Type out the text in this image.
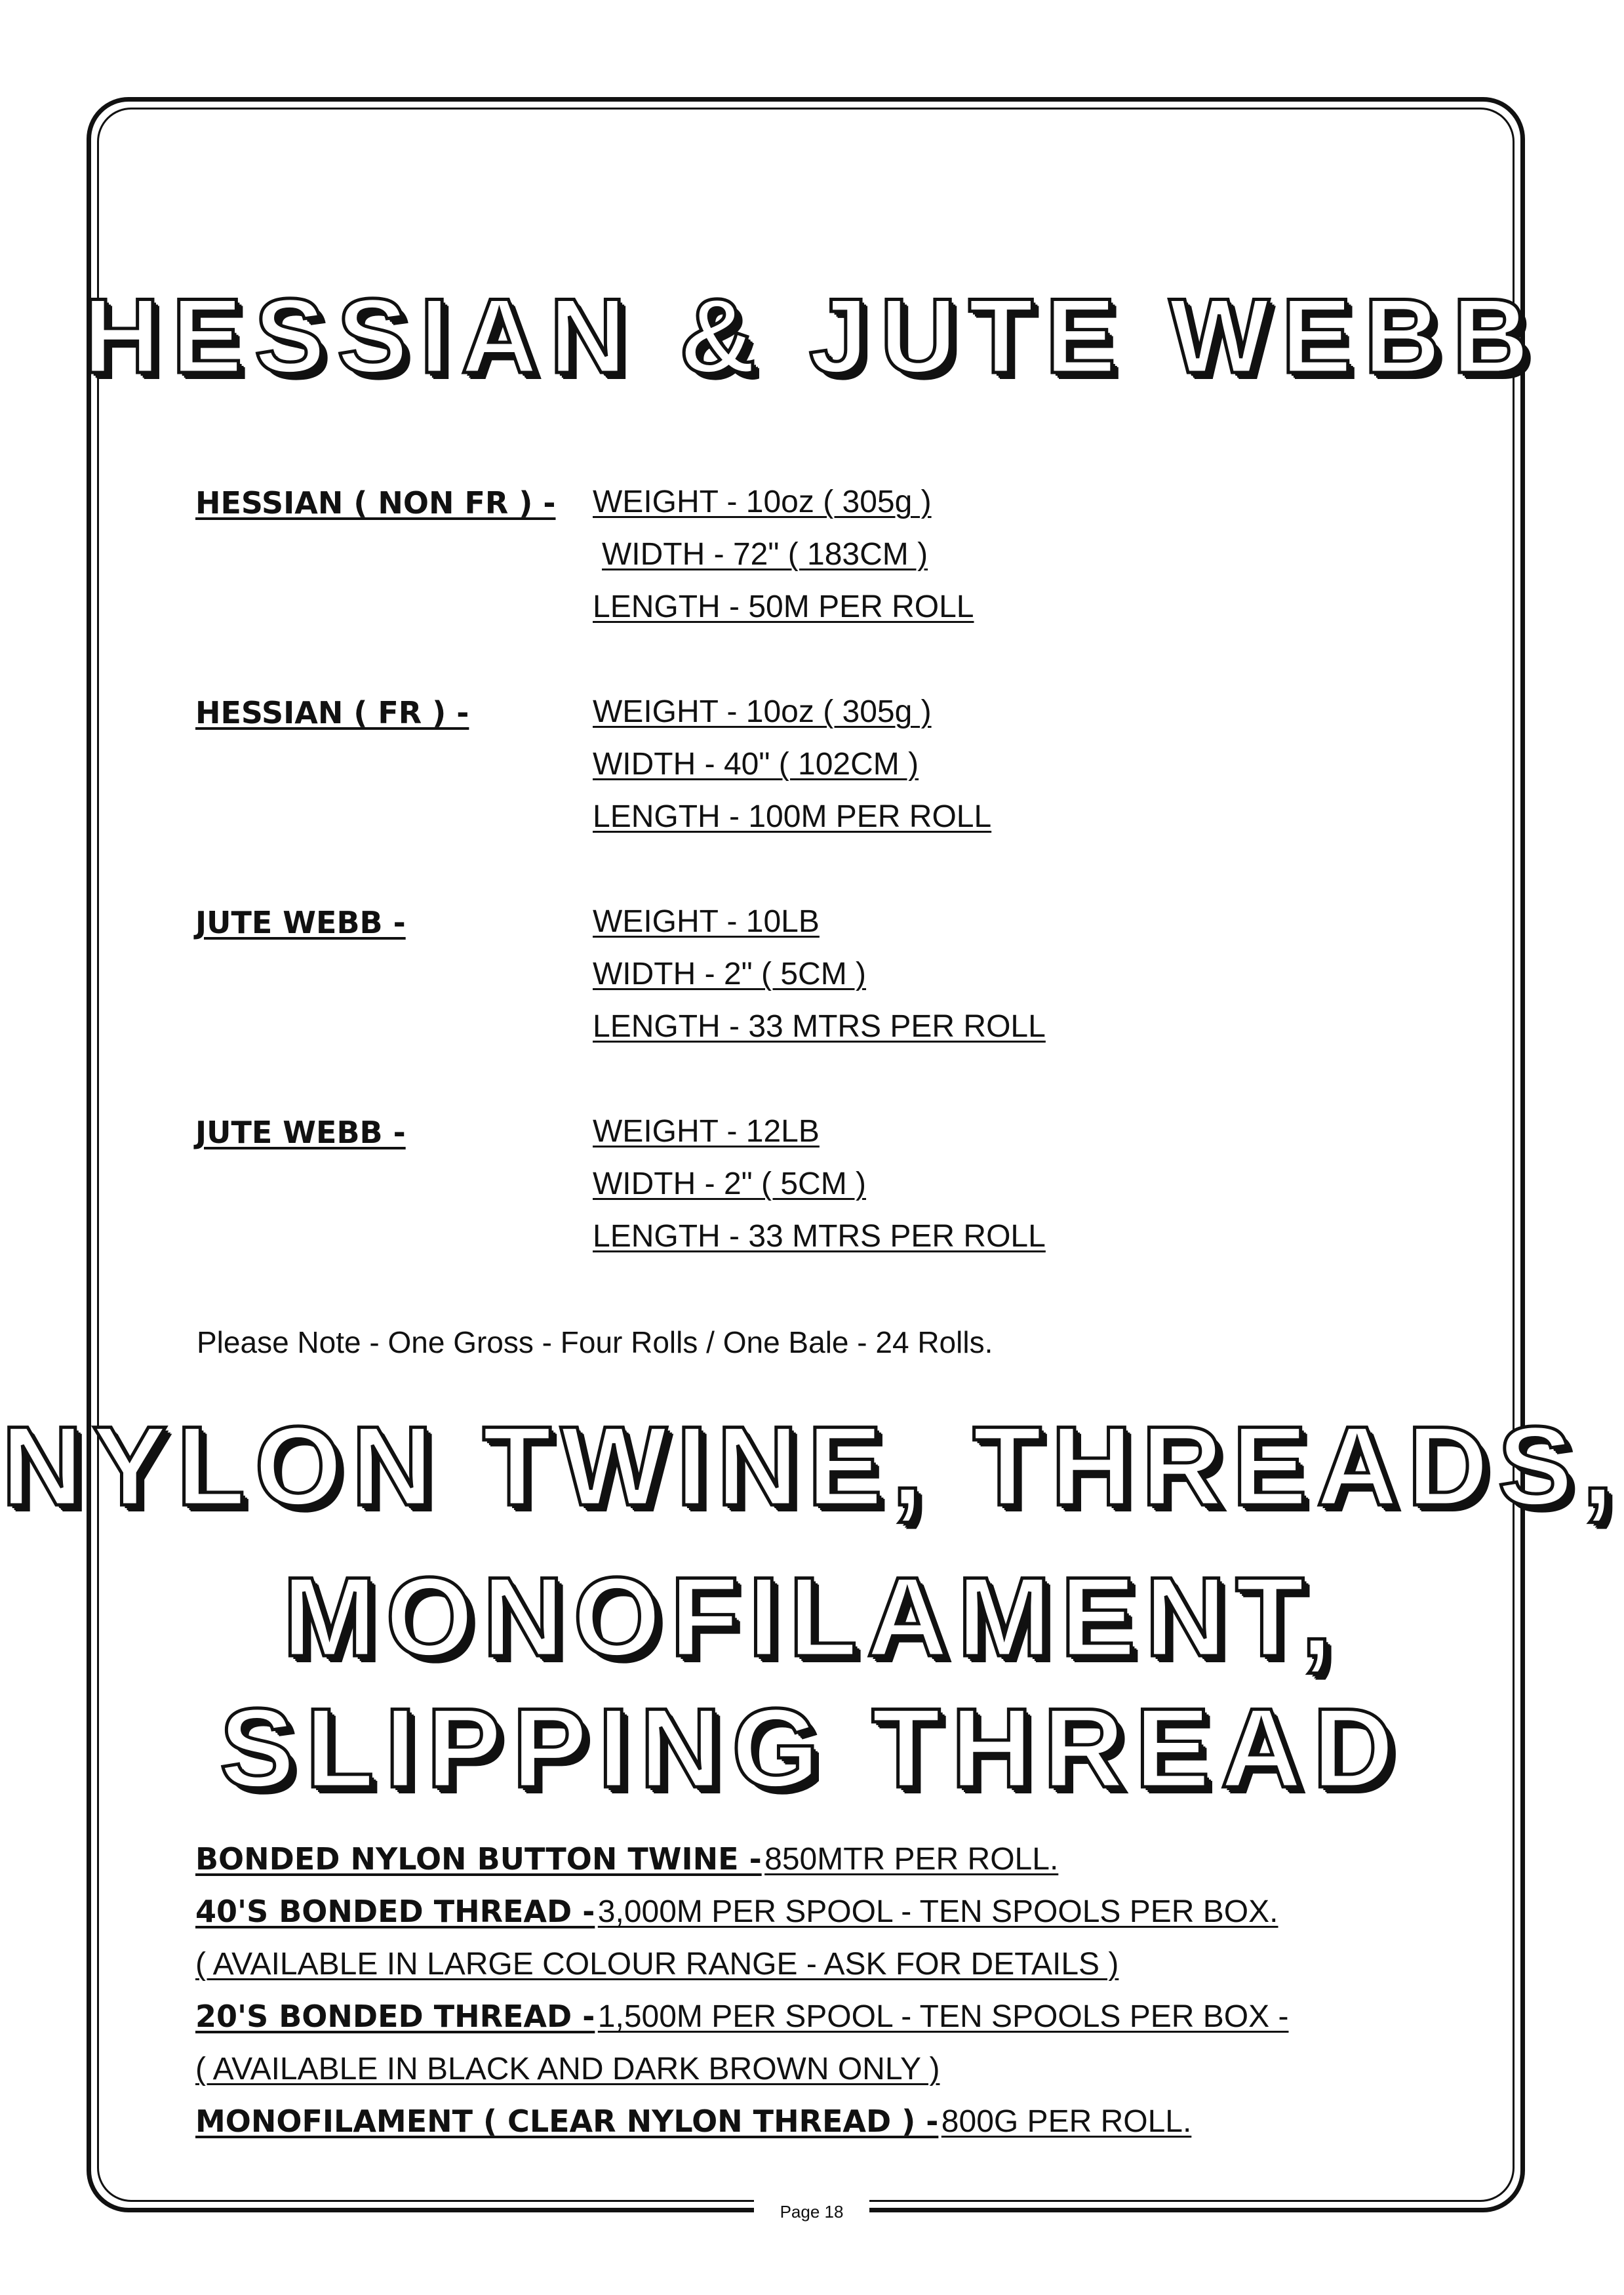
HESSIAN & JUTE WEBB
HESSIAN ( NON FR ) - WEIGHT - 10oz ( 305g )
WIDTH - 72" ( 183CM )
LENGTH - 50M PER ROLL
HESSIAN ( FR ) -	WEIGHT - 10oz ( 305g )
WIDTH - 40" ( 102CM )
LENGTH - 100M PER ROLL
JUTE WEBB -	WEIGHT - 10LB
WIDTH - 2" ( 5CM )
LENGTH - 33 MTRS PER ROLL
JUTE WEBB -	WEIGHT - 12LB
WIDTH - 2" ( 5CM )
LENGTH - 33 MTRS PER ROLL
Please Note - One Gross - Four Rolls / One Bale - 24 Rolls.
NYLON TWINE, THREADS,
MONOFILAMENT,
SLIPPING THREAD
BONDED NYLON BUTTON TWINE - 850MTR PER ROLL.
40'S BONDED THREAD - 3,000M PER SPOOL - TEN SPOOLS PER BOX.
( AVAILABLE IN LARGE COLOUR RANGE - ASK FOR DETAILS )
20'S BONDED THREAD - 1,500M PER SPOOL - TEN SPOOLS PER BOX -
( AVAILABLE IN BLACK AND DARK BROWN ONLY )
MONOFILAMENT ( CLEAR NYLON THREAD ) - 800G PER ROLL.
Page 18
